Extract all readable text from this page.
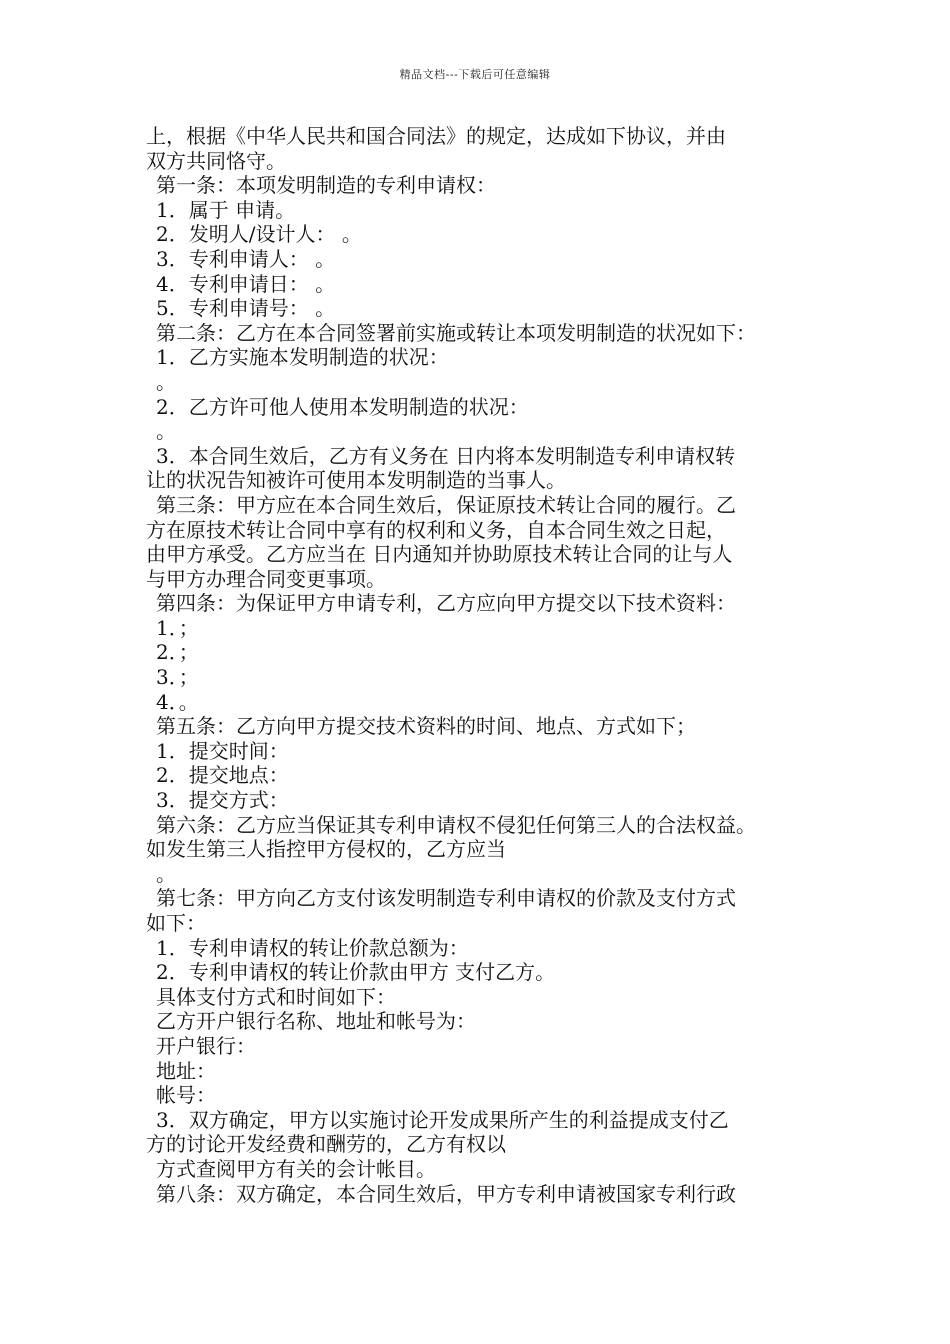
精品文档---下载后可任意编辑
上，根据《中华人民共和国合同法》的规定，达成如下协议，并由
双方共同恪守。
第一条：本项发明制造的专利申请权：
1．属于 申请。
2．发明人/设计人： 。
3．专利申请人： 。
4．专利申请日： 。
5．专利申请号： 。
第二条：乙方在本合同签署前实施或转让本项发明制造的状况如下：
1．乙方实施本发明制造的状况：
。
2．乙方许可他人使用本发明制造的状况：
。
3．本合同生效后，乙方有义务在 日内将本发明制造专利申请权转
让的状况告知被许可使用本发明制造的当事人。
第三条：甲方应在本合同生效后，保证原技术转让合同的履行。乙
方在原技术转让合同中享有的权利和义务，自本合同生效之日起，
由甲方承受。乙方应当在 日内通知并协助原技术转让合同的让与人
与甲方办理合同变更事项。
第四条：为保证甲方申请专利，乙方应向甲方提交以下技术资料：
1．；
2．；
3．；
4．。
第五条：乙方向甲方提交技术资料的时间、地点、方式如下；
1．提交时间：
2．提交地点：
3．提交方式：
第六条：乙方应当保证其专利申请权不侵犯任何第三人的合法权益。
如发生第三人指控甲方侵权的，乙方应当
。
第七条：甲方向乙方支付该发明制造专利申请权的价款及支付方式
如下：
1．专利申请权的转让价款总额为：
2．专利申请权的转让价款由甲方 支付乙方。
具体支付方式和时间如下：
乙方开户银行名称、地址和帐号为：
开户银行：
地址：
帐号：
3．双方确定，甲方以实施讨论开发成果所产生的利益提成支付乙
方的讨论开发经费和酬劳的，乙方有权以
方式查阅甲方有关的会计帐目。
第八条：双方确定，本合同生效后，甲方专利申请被国家专利行政
